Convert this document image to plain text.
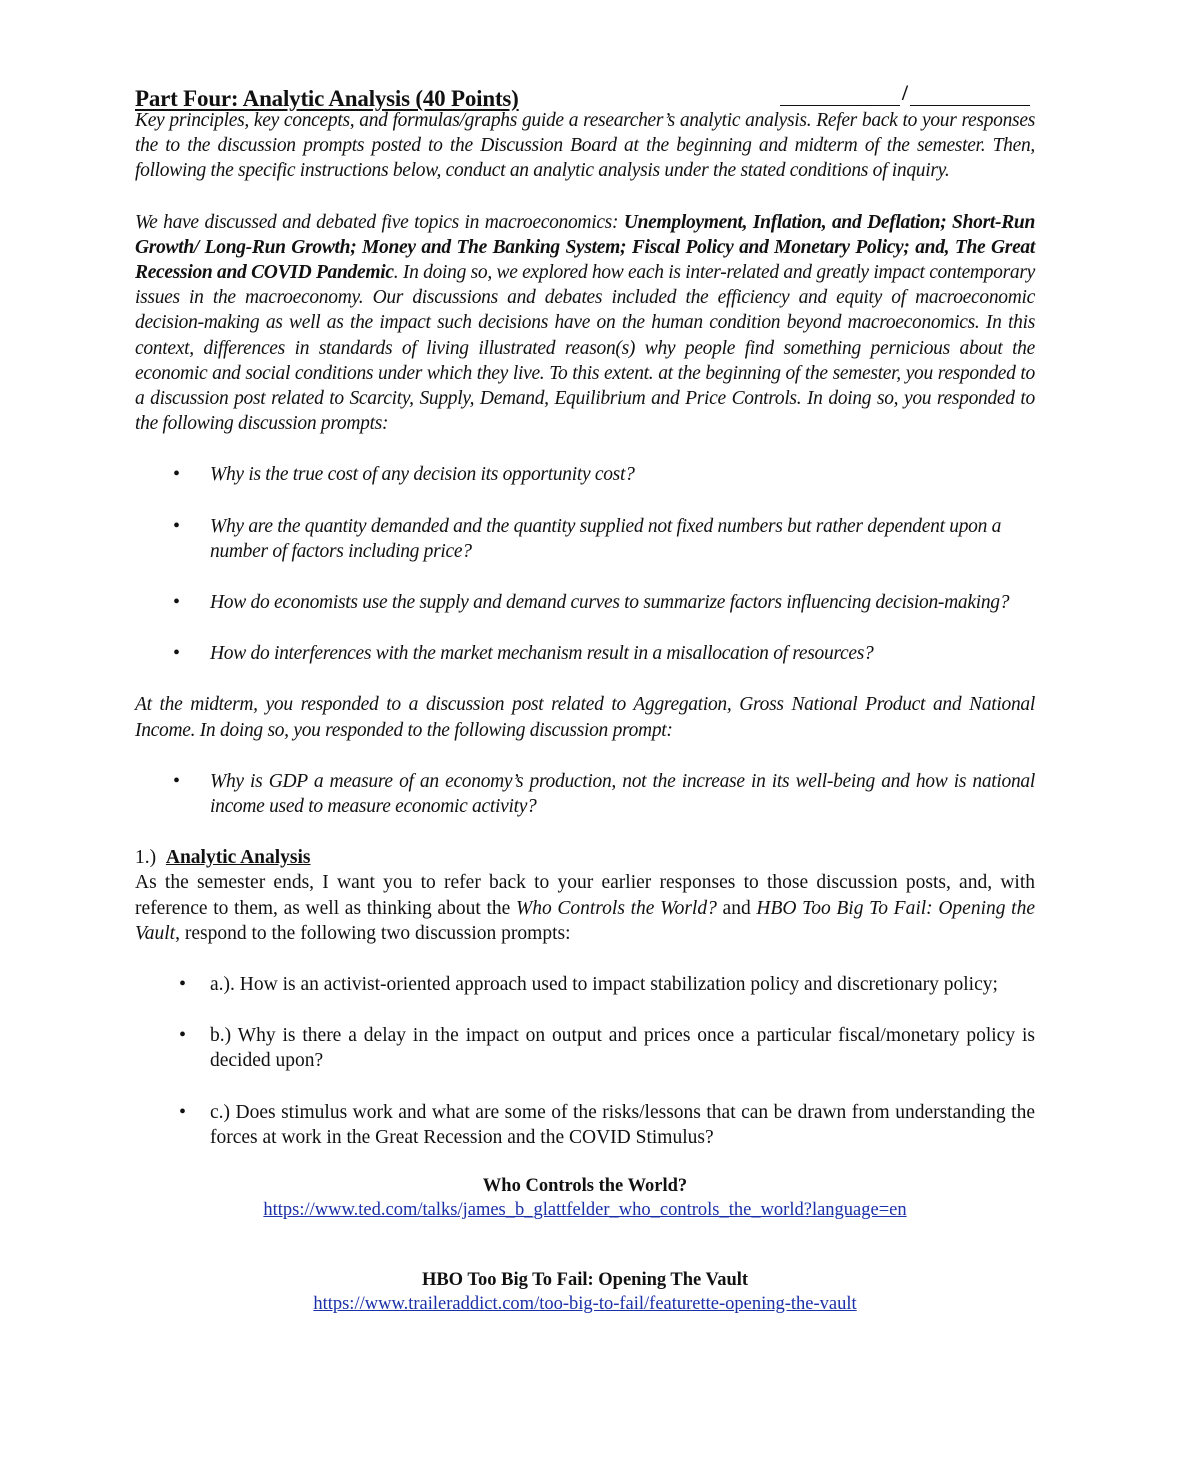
Part Four: Analytic Analysis (40 Points)	/

Key principles, key concepts, and formulas/graphs guide a researcher’s analytic analysis. Refer back to your responses the to the discussion prompts posted to the Discussion Board at the beginning and midterm of the semester. Then, following the specific instructions below, conduct an analytic analysis under the stated conditions of inquiry.

We have discussed and debated five topics in macroeconomics: Unemployment, Inflation, and Deflation; Short-Run Growth/ Long-Run Growth; Money and The Banking System; Fiscal Policy and Monetary Policy; and, The Great Recession and COVID Pandemic. In doing so, we explored how each is inter-related and greatly impact contemporary issues in the macroeconomy. Our discussions and debates included the efficiency and equity of macroeconomic decision-making as well as the impact such decisions have on the human condition beyond macroeconomics. In this context, differences in standards of living illustrated reason(s) why people find something pernicious about the economic and social conditions under which they live. To this extent. at the beginning of the semester, you responded to a discussion post related to Scarcity, Supply, Demand, Equilibrium and Price Controls. In doing so, you responded to the following discussion prompts:

• Why is the true cost of any decision its opportunity cost?
• Why are the quantity demanded and the quantity supplied not fixed numbers but rather dependent upon a number of factors including price?
• How do economists use the supply and demand curves to summarize factors influencing decision-making?
• How do interferences with the market mechanism result in a misallocation of resources?

At the midterm, you responded to a discussion post related to Aggregation, Gross National Product and National Income. In doing so, you responded to the following discussion prompt:

• Why is GDP a measure of an economy’s production, not the increase in its well-being and how is national income used to measure economic activity?
1.) Analytic Analysis

As the semester ends, I want you to refer back to your earlier responses to those discussion posts, and, with reference to them, as well as thinking about the Who Controls the World? and HBO Too Big To Fail: Opening the Vault, respond to the following two discussion prompts:

• a.). How is an activist-oriented approach used to impact stabilization policy and discretionary policy;
• b.) Why is there a delay in the impact on output and prices once a particular fiscal/monetary policy is decided upon?
• c.) Does stimulus work and what are some of the risks/lessons that can be drawn from understanding the forces at work in the Great Recession and the COVID Stimulus?
Who Controls the World?
https://www.ted.com/talks/james_b_glattfelder_who_controls_the_world?language=en
HBO Too Big To Fail: Opening The Vault
https://www.traileraddict.com/too-big-to-fail/featurette-opening-the-vault
